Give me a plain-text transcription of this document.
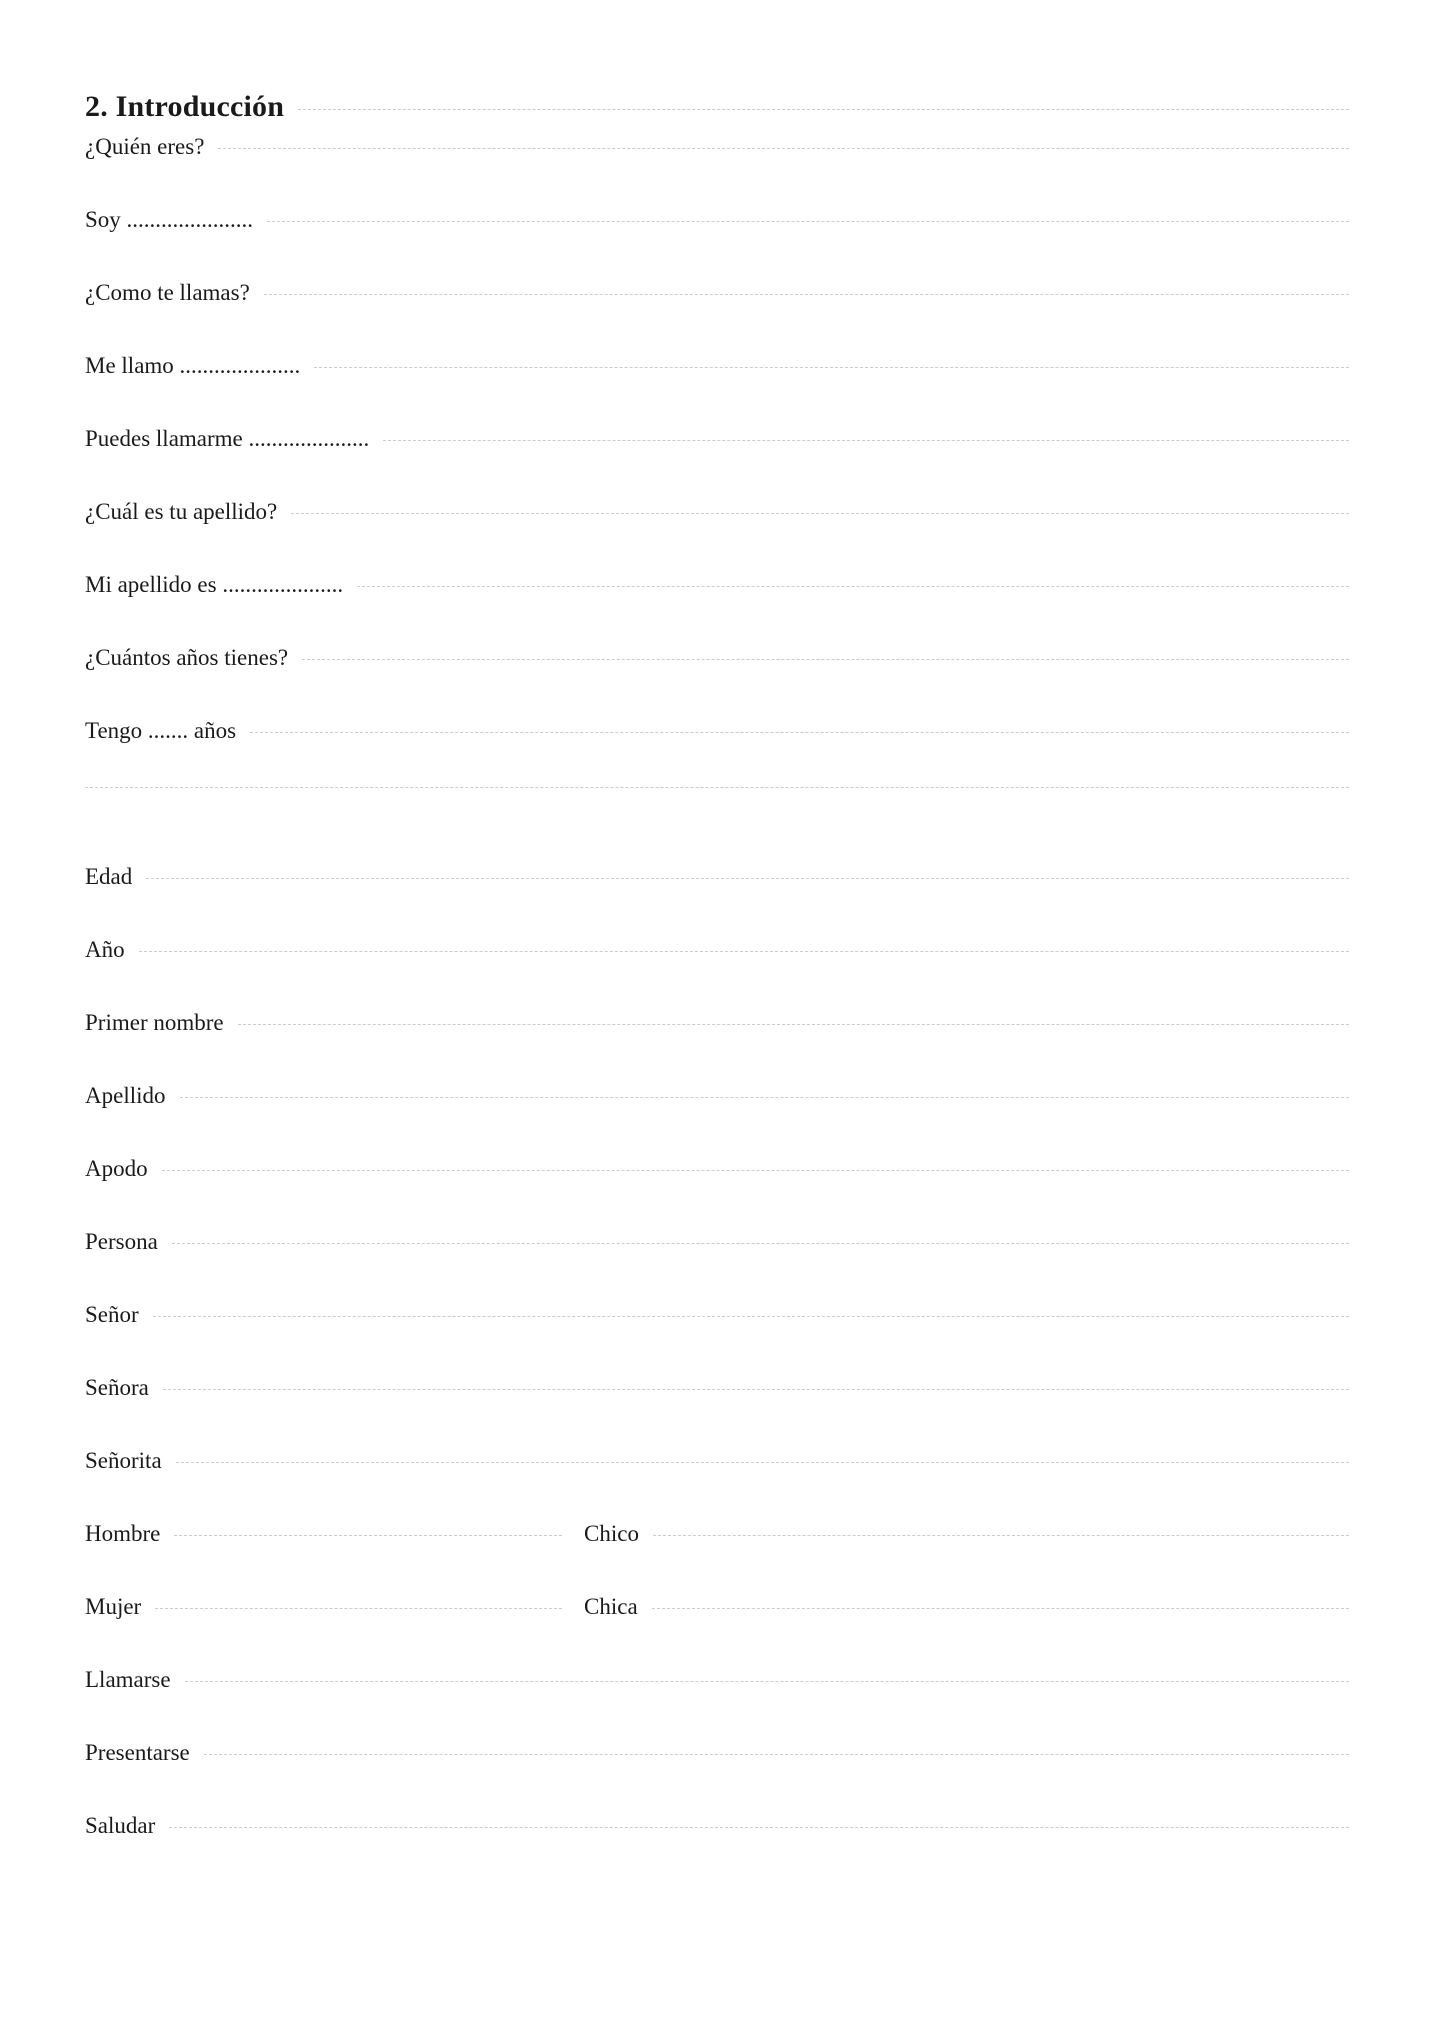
2. Introducción
¿Quién eres?
Soy ......................
¿Como te llamas?
Me llamo .....................
Puedes llamarme .....................
¿Cuál es tu apellido?
Mi apellido es .....................
¿Cuántos años tienes?
Tengo ....... años
Edad
Año
Primer nombre
Apellido
Apodo
Persona
Señor
Señora
Señorita
Hombre	Chico
Mujer	Chica
Llamarse
Presentarse
Saludar
